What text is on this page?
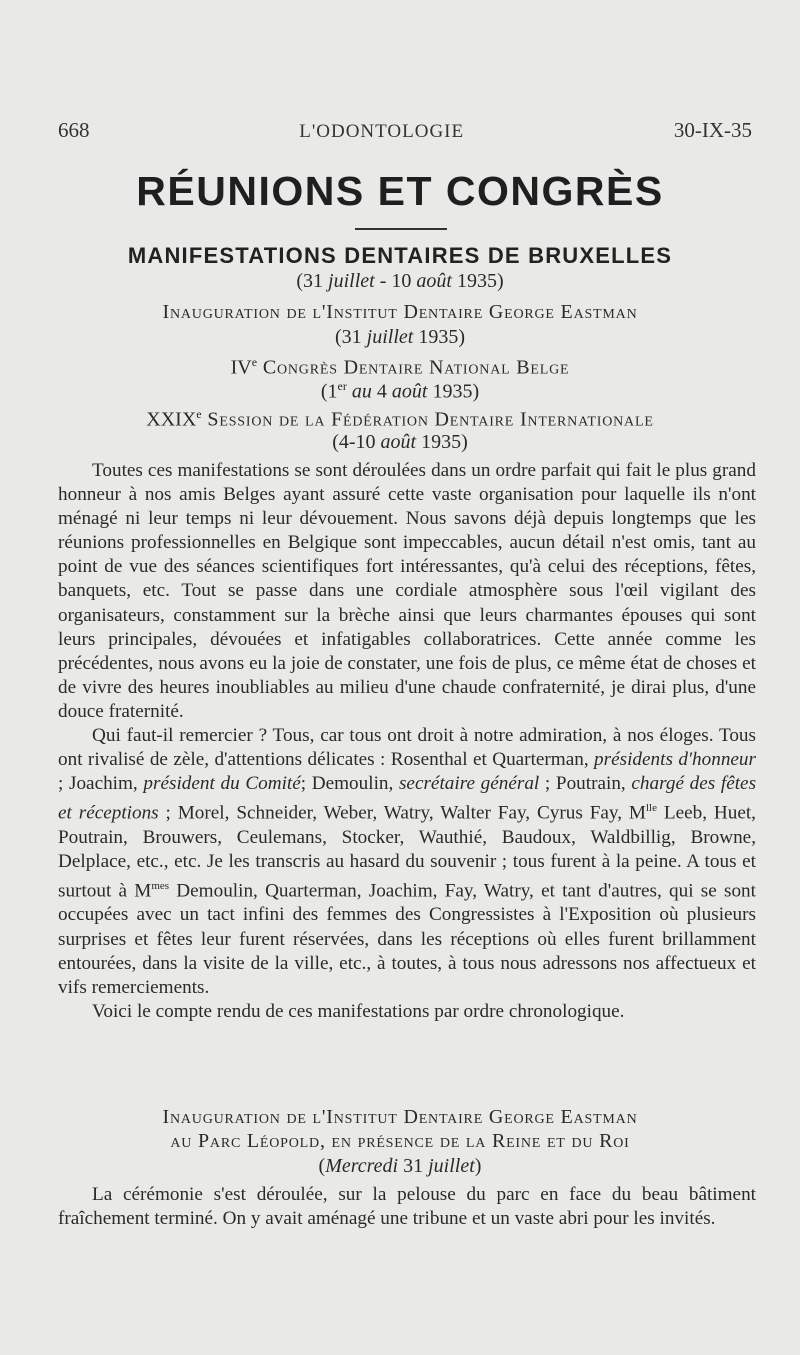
668	L'ODONTOLOGIE	30-IX-35
RÉUNIONS ET CONGRÈS
MANIFESTATIONS DENTAIRES DE BRUXELLES
(31 juillet - 10 août 1935)
Inauguration de l'Institut Dentaire George Eastman
(31 juillet 1935)
IVe Congrès Dentaire National Belge
(1er au 4 août 1935)
XXIXe Session de la Fédération Dentaire Internationale
(4-10 août 1935)

Toutes ces manifestations se sont déroulées dans un ordre parfait qui fait le plus grand honneur à nos amis Belges ayant assuré cette vaste organisation pour laquelle ils n'ont ménagé ni leur temps ni leur dévouement. Nous savons déjà depuis longtemps que les réunions professionnelles en Belgique sont impeccables, aucun détail n'est omis, tant au point de vue des séances scientifiques fort intéressantes, qu'à celui des réceptions, fêtes, banquets, etc. Tout se passe dans une cordiale atmosphère sous l'œil vigilant des organisateurs, constamment sur la brèche ainsi que leurs charmantes épouses qui sont leurs principales, dévouées et infatigables collaboratrices. Cette année comme les précédentes, nous avons eu la joie de constater, une fois de plus, ce même état de choses et de vivre des heures inoubliables au milieu d'une chaude confraternité, je dirai plus, d'une douce fraternité.

Qui faut-il remercier ? Tous, car tous ont droit à notre admiration, à nos éloges. Tous ont rivalisé de zèle, d'attentions délicates : Rosenthal et Quarterman, présidents d'honneur ; Joachim, président du Comité; Demoulin, secrétaire général ; Poutrain, chargé des fêtes et réceptions ; Morel, Schneider, Weber, Watry, Walter Fay, Cyrus Fay, $M^{lle}$ Leeb, Huet, Poutrain, Brouwers, Ceulemans, Stocker, Wauthié, Baudoux, Waldbillig, Browne, Delplace, etc., etc. Je les transcris au hasard du souvenir ; tous furent à la peine. A tous et surtout à $M^{mes}$ Demoulin, Quarterman, Joachim, Fay, Watry, et tant d'autres, qui se sont occupées avec un tact infini des femmes des Congressistes à l'Exposition où plusieurs surprises et fêtes leur furent réservées, dans les réceptions où elles furent brillamment entourées, dans la visite de la ville, etc., à toutes, à tous nous adressons nos affectueux et vifs remerciements.

Voici le compte rendu de ces manifestations par ordre chronologique.

Inauguration de l'Institut Dentaire George Eastman
au Parc Léopold, en présence de la Reine et du Roi
(Mercredi 31 juillet)

La cérémonie s'est déroulée, sur la pelouse du parc en face du beau bâtiment fraîchement terminé. On y avait aménagé une tribune et un vaste abri pour les invités.
